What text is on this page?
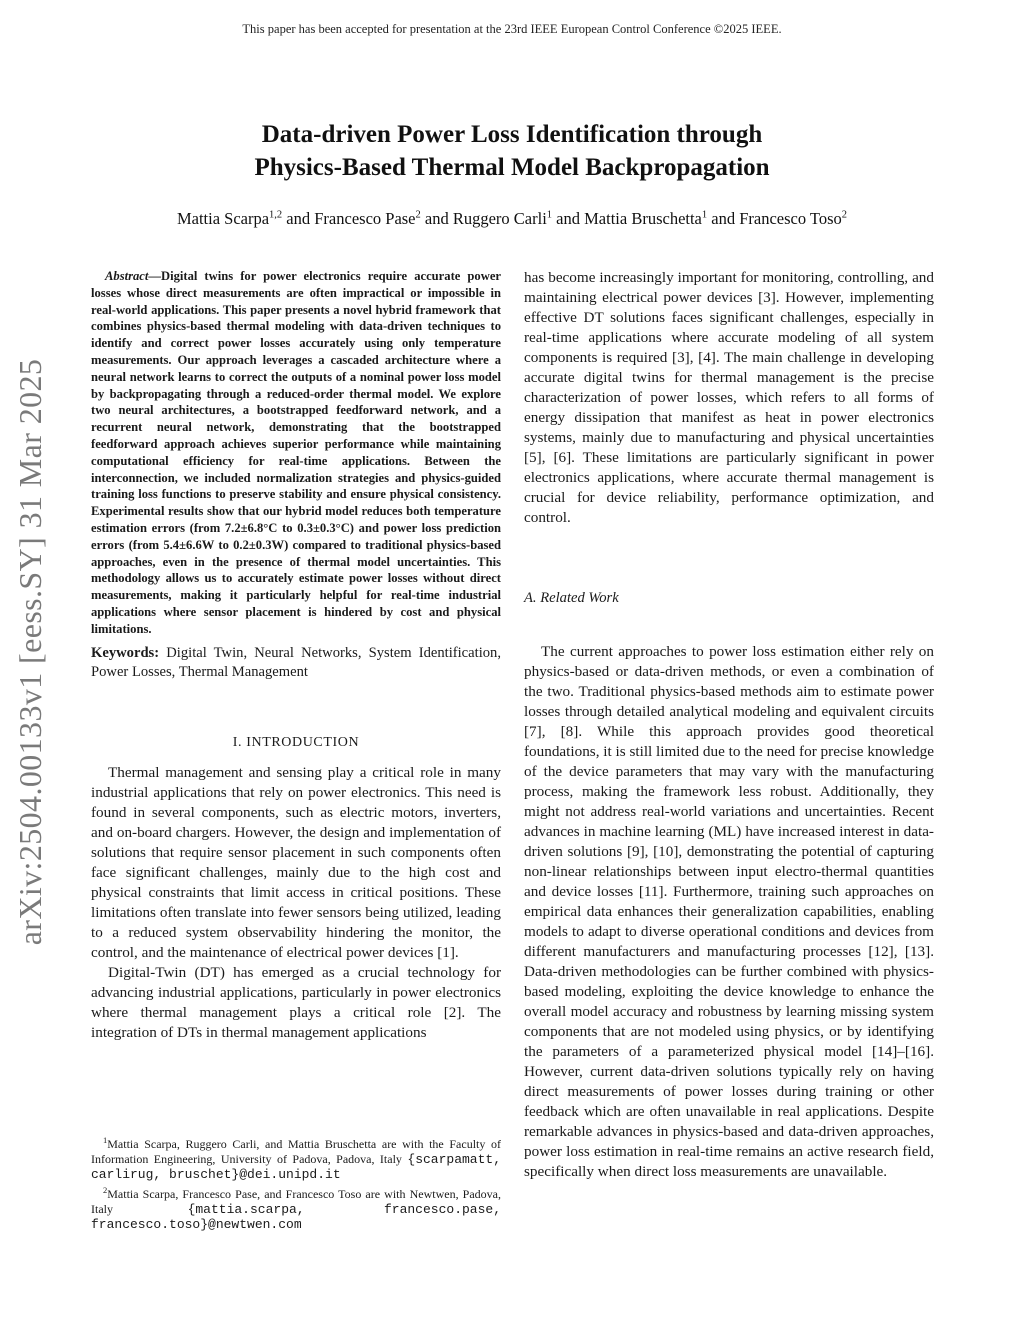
This paper has been accepted for presentation at the 23rd IEEE European Control Conference ©2025 IEEE.
arXiv:2504.00133v1 [eess.SY] 31 Mar 2025
Data-driven Power Loss Identification through
Physics-Based Thermal Model Backpropagation
Mattia Scarpa$^{1,2}$ and Francesco Pase$^2$ and Ruggero Carli$^1$ and Mattia Bruschetta$^1$ and Francesco Toso$^2$

Abstract—Digital twins for power electronics require accurate power losses whose direct measurements are often impractical or impossible in real-world applications. This paper presents a novel hybrid framework that combines physics-based thermal modeling with data-driven techniques to identify and correct power losses accurately using only temperature measurements. Our approach leverages a cascaded architecture where a neural network learns to correct the outputs of a nominal power loss model by backpropagating through a reduced-order thermal model. We explore two neural architectures, a bootstrapped feedforward network, and a recurrent neural network, demonstrating that the bootstrapped feedforward approach achieves superior performance while maintaining computational efficiency for real-time applications. Between the interconnection, we included normalization strategies and physics-guided training loss functions to preserve stability and ensure physical consistency. Experimental results show that our hybrid model reduces both temperature estimation errors (from 7.2±6.8°C to 0.3±0.3°C) and power loss prediction errors (from 5.4±6.6W to 0.2±0.3W) compared to traditional physics-based approaches, even in the presence of thermal model uncertainties. This methodology allows us to accurately estimate power losses without direct measurements, making it particularly helpful for real-time industrial applications where sensor placement is hindered by cost and physical limitations.

Keywords: Digital Twin, Neural Networks, System Identification, Power Losses, Thermal Management
I. INTRODUCTION

Thermal management and sensing play a critical role in many industrial applications that rely on power electronics. This need is found in several components, such as electric motors, inverters, and on-board chargers. However, the design and implementation of solutions that require sensor placement in such components often face significant challenges, mainly due to the high cost and physical constraints that limit access in critical positions. These limitations often translate into fewer sensors being utilized, leading to a reduced system observability hindering the monitor, the control, and the maintenance of electrical power devices [1].

Digital-Twin (DT) has emerged as a crucial technology for advancing industrial applications, particularly in power electronics where thermal management plays a critical role [2]. The integration of DTs in thermal management applications

$^1$Mattia Scarpa, Ruggero Carli, and Mattia Bruschetta are with the Faculty of Information Engineering, University of Padova, Padova, Italy {scarpamatt, carlirug, bruschet}@dei.unipd.it

$^2$Mattia Scarpa, Francesco Pase, and Francesco Toso are with Newtwen, Padova, Italy	{mattia.scarpa, francesco.pase, francesco.toso}@newtwen.com

has become increasingly important for monitoring, controlling, and maintaining electrical power devices [3]. However, implementing effective DT solutions faces significant challenges, especially in real-time applications where accurate modeling of all system components is required [3], [4]. The main challenge in developing accurate digital twins for thermal management is the precise characterization of power losses, which refers to all forms of energy dissipation that manifest as heat in power electronics systems, mainly due to manufacturing and physical uncertainties [5], [6]. These limitations are particularly significant in power electronics applications, where accurate thermal management is crucial for device reliability, performance optimization, and control.

A. Related Work

The current approaches to power loss estimation either rely on physics-based or data-driven methods, or even a combination of the two. Traditional physics-based methods aim to estimate power losses through detailed analytical modeling and equivalent circuits [7], [8]. While this approach provides good theoretical foundations, it is still limited due to the need for precise knowledge of the device parameters that may vary with the manufacturing process, making the framework less robust. Additionally, they might not address real-world variations and uncertainties. Recent advances in machine learning (ML) have increased interest in data-driven solutions [9], [10], demonstrating the potential of capturing non-linear relationships between input electro-thermal quantities and device losses [11]. Furthermore, training such approaches on empirical data enhances their generalization capabilities, enabling models to adapt to diverse operational conditions and devices from different manufacturers and manufacturing processes [12], [13]. Data-driven methodologies can be further combined with physics-based modeling, exploiting the device knowledge to enhance the overall model accuracy and robustness by learning missing system components that are not modeled using physics, or by identifying the parameters of a parameterized physical model [14]–[16]. However, current data-driven solutions typically rely on having direct measurements of power losses during training or other feedback which are often unavailable in real applications. Despite remarkable advances in physics-based and data-driven approaches, power loss estimation in real-time remains an active research field, specifically when direct loss measurements are unavailable.
